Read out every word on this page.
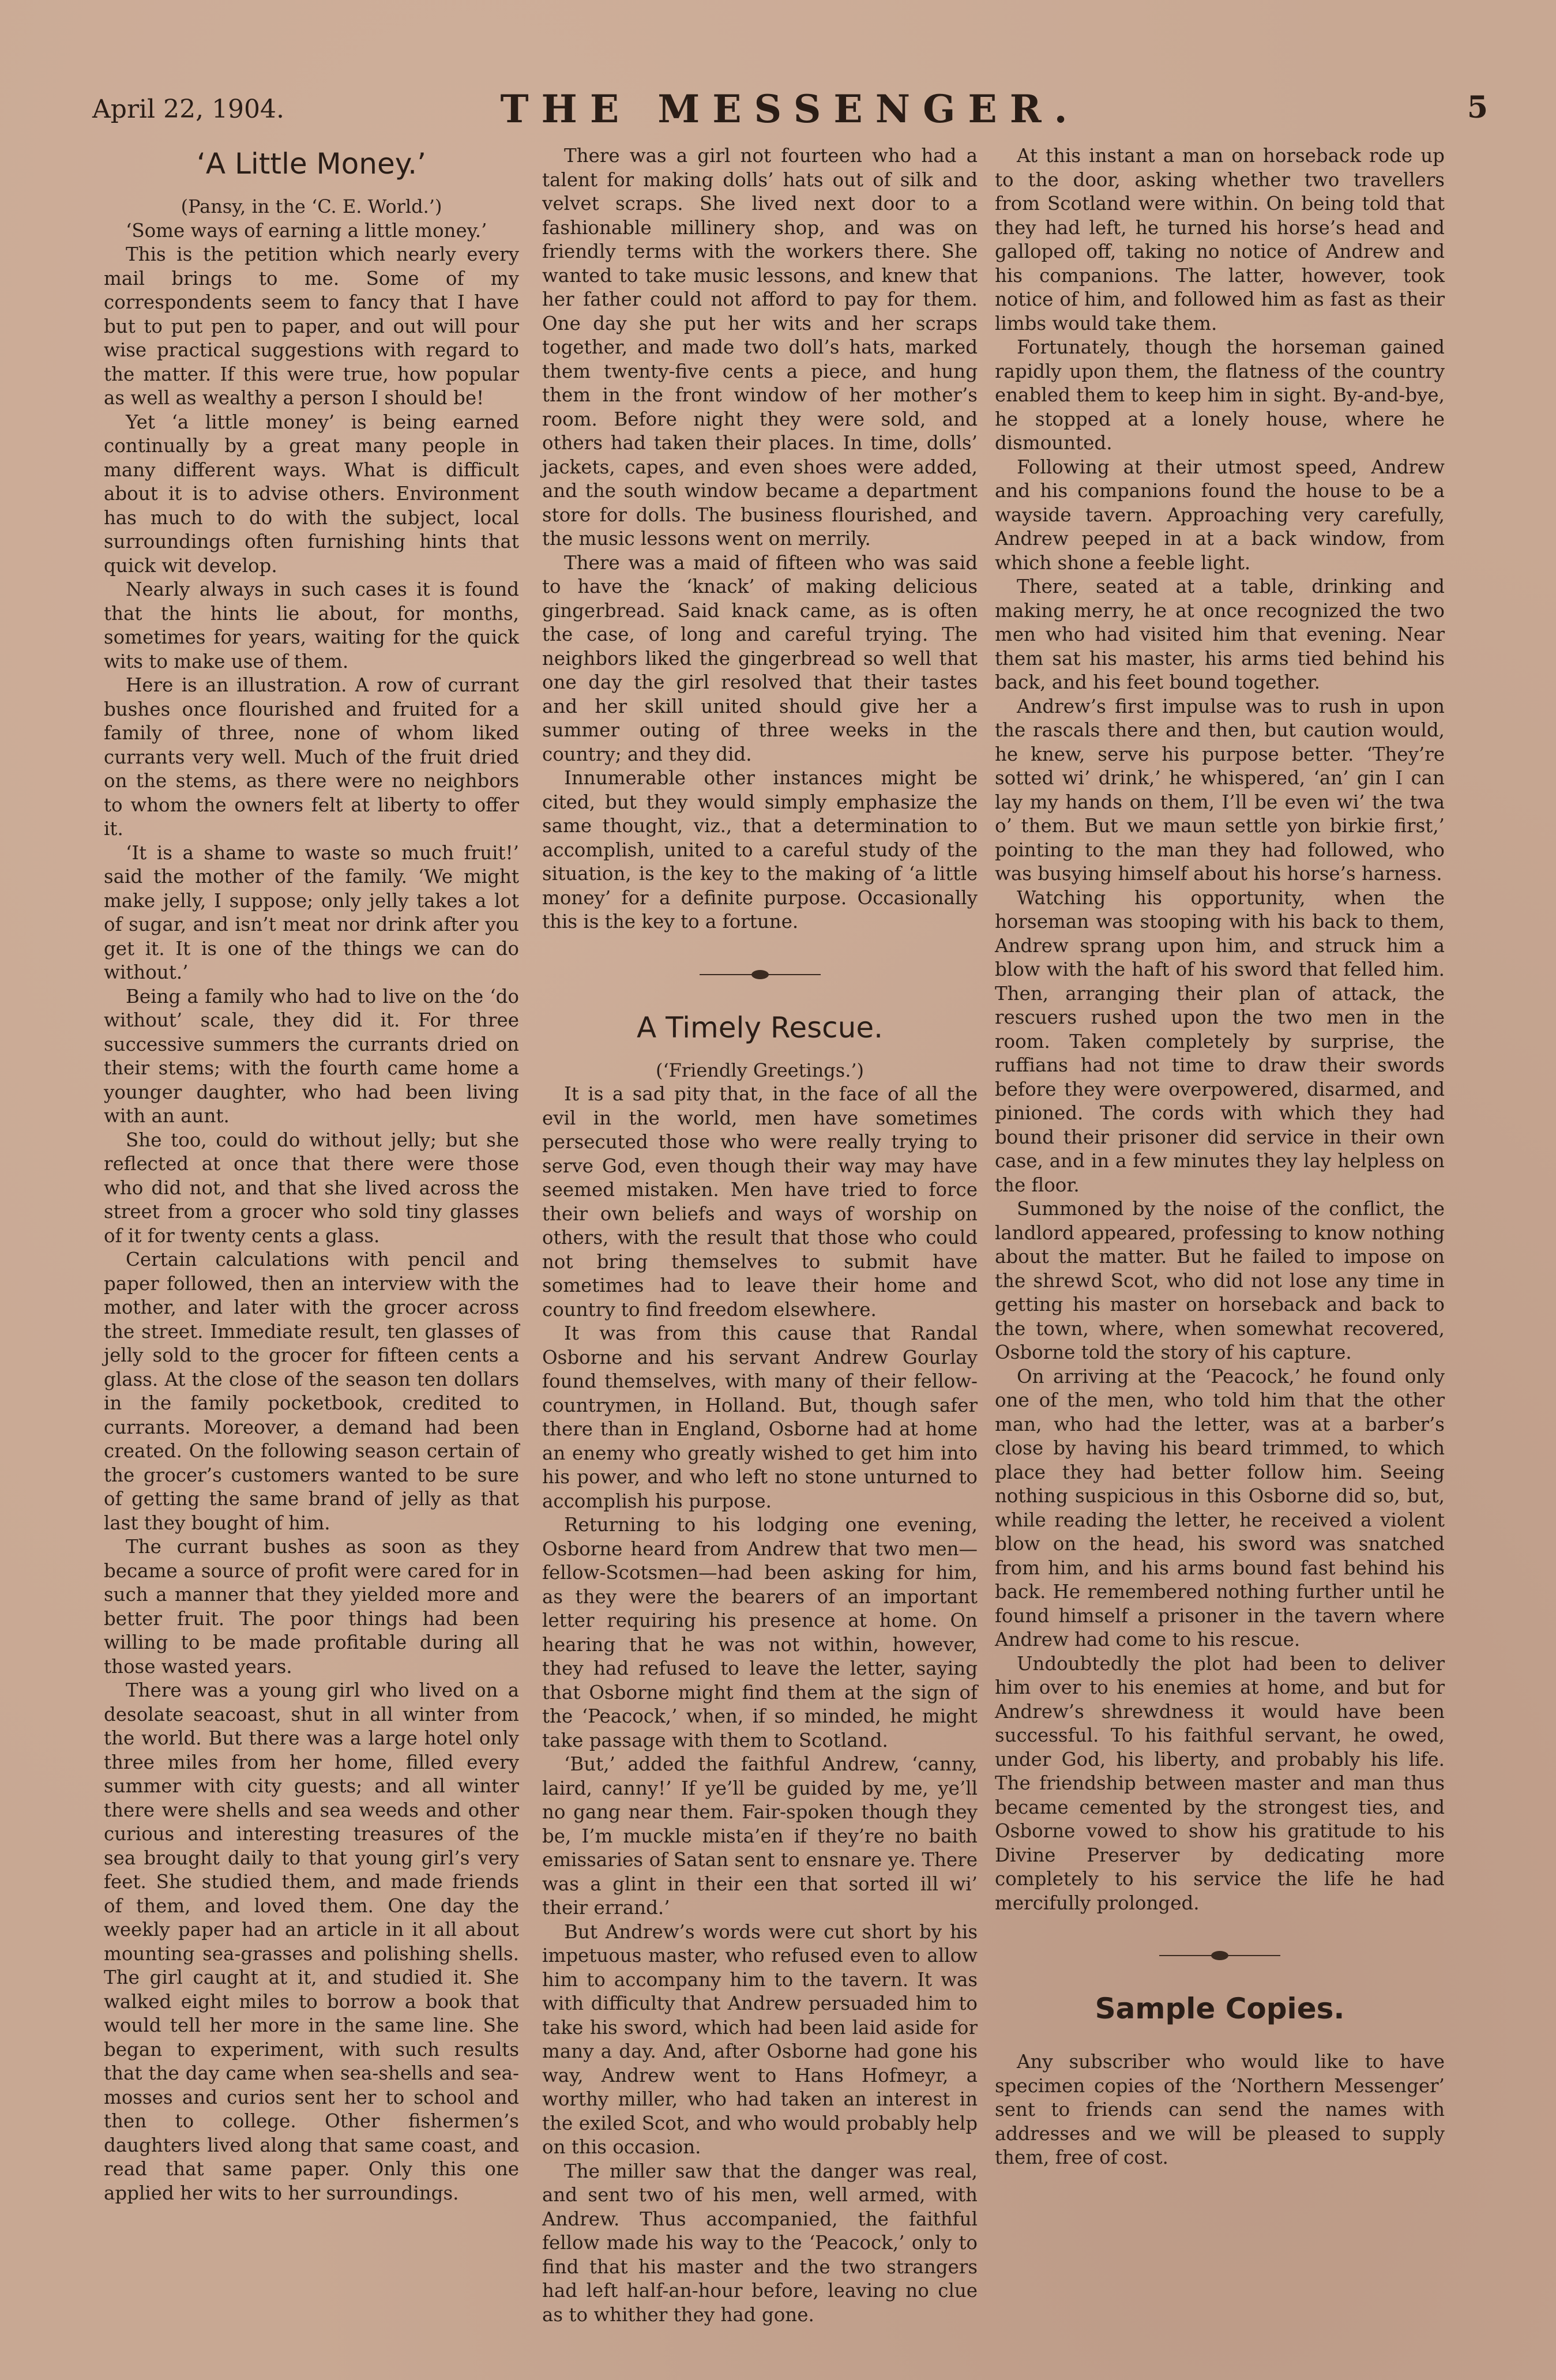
April 22, 1904.	THE MESSENGER.	5
‘A Little Money.’

(Pansy, in the ‘C. E. World.’)

‘Some ways of earning a little money.’

This is the petition which nearly every mail brings to me. Some of my correspondents seem to fancy that I have but to put pen to paper, and out will pour wise practical suggestions with regard to the matter. If this were true, how popular as well as wealthy a person I should be!

Yet ‘a little money’ is being earned continually by a great many people in many different ways. What is difficult about it is to advise others. Environment has much to do with the subject, local surroundings often furnishing hints that quick wit develop.

Nearly always in such cases it is found that the hints lie about, for months, sometimes for years, waiting for the quick wits to make use of them.

Here is an illustration. A row of currant bushes once flourished and fruited for a family of three, none of whom liked currants very well. Much of the fruit dried on the stems, as there were no neighbors to whom the owners felt at liberty to offer it.

‘It is a shame to waste so much fruit!’ said the mother of the family. ‘We might make jelly, I suppose; only jelly takes a lot of sugar, and isn’t meat nor drink after you get it. It is one of the things we can do without.’

Being a family who had to live on the ‘do without’ scale, they did it. For three successive summers the currants dried on their stems; with the fourth came home a younger daughter, who had been living with an aunt.

She too, could do without jelly; but she reflected at once that there were those who did not, and that she lived across the street from a grocer who sold tiny glasses of it for twenty cents a glass.

Certain calculations with pencil and paper followed, then an interview with the mother, and later with the grocer across the street. Immediate result, ten glasses of jelly sold to the grocer for fifteen cents a glass. At the close of the season ten dollars in the family pocketbook, credited to currants. Moreover, a demand had been created. On the following season certain of the grocer’s customers wanted to be sure of getting the same brand of jelly as that last they bought of him.

The currant bushes as soon as they became a source of profit were cared for in such a manner that they yielded more and better fruit. The poor things had been willing to be made profitable during all those wasted years.

There was a young girl who lived on a desolate seacoast, shut in all winter from the world. But there was a large hotel only three miles from her home, filled every summer with city guests; and all winter there were shells and sea weeds and other curious and interesting treasures of the sea brought daily to that young girl’s very feet. She studied them, and made friends of them, and loved them. One day the weekly paper had an article in it all about mounting sea-grasses and polishing shells. The girl caught at it, and studied it. She walked eight miles to borrow a book that would tell her more in the same line. She began to experiment, with such results that the day came when sea-shells and sea-mosses and curios sent her to school and then to college. Other fishermen’s daughters lived along that same coast, and read that same paper. Only this one applied her wits to her surroundings.

There was a girl not fourteen who had a talent for making dolls’ hats out of silk and velvet scraps. She lived next door to a fashionable millinery shop, and was on friendly terms with the workers there. She wanted to take music lessons, and knew that her father could not afford to pay for them. One day she put her wits and her scraps together, and made two doll’s hats, marked them twenty-five cents a piece, and hung them in the front window of her mother’s room. Before night they were sold, and others had taken their places. In time, dolls’ jackets, capes, and even shoes were added, and the south window became a department store for dolls. The business flourished, and the music lessons went on merrily.

There was a maid of fifteen who was said to have the ‘knack’ of making delicious gingerbread. Said knack came, as is often the case, of long and careful trying. The neighbors liked the gingerbread so well that one day the girl resolved that their tastes and her skill united should give her a summer outing of three weeks in the country; and they did.

Innumerable other instances might be cited, but they would simply emphasize the same thought, viz., that a determination to accomplish, united to a careful study of the situation, is the key to the making of ‘a little money’ for a definite purpose. Occasionally this is the key to a fortune.

A Timely Rescue.

(‘Friendly Greetings.’)

It is a sad pity that, in the face of all the evil in the world, men have sometimes persecuted those who were really trying to serve God, even though their way may have seemed mistaken. Men have tried to force their own beliefs and ways of worship on others, with the result that those who could not bring themselves to submit have sometimes had to leave their home and country to find freedom elsewhere.

It was from this cause that Randal Osborne and his servant Andrew Gourlay found themselves, with many of their fellow-countrymen, in Holland. But, though safer there than in England, Osborne had at home an enemy who greatly wished to get him into his power, and who left no stone unturned to accomplish his purpose.

Returning to his lodging one evening, Osborne heard from Andrew that two men—fellow-Scotsmen—had been asking for him, as they were the bearers of an important letter requiring his presence at home. On hearing that he was not within, however, they had refused to leave the letter, saying that Osborne might find them at the sign of the ‘Peacock,’ when, if so minded, he might take passage with them to Scotland.

‘But,’ added the faithful Andrew, ‘canny, laird, canny!’ If ye’ll be guided by me, ye’ll no gang near them. Fair-spoken though they be, I’m muckle mista’en if they’re no baith emissaries of Satan sent to ensnare ye. There was a glint in their een that sorted ill wi’ their errand.’

But Andrew’s words were cut short by his impetuous master, who refused even to allow him to accompany him to the tavern. It was with difficulty that Andrew persuaded him to take his sword, which had been laid aside for many a day. And, after Osborne had gone his way, Andrew went to Hans Hofmeyr, a worthy miller, who had taken an interest in the exiled Scot, and who would probably help on this occasion.

The miller saw that the danger was real, and sent two of his men, well armed, with Andrew. Thus accompanied, the faithful fellow made his way to the ‘Peacock,’ only to find that his master and the two strangers had left half-an-hour before, leaving no clue as to whither they had gone.

At this instant a man on horseback rode up to the door, asking whether two travellers from Scotland were within. On being told that they had left, he turned his horse’s head and galloped off, taking no notice of Andrew and his companions. The latter, however, took notice of him, and followed him as fast as their limbs would take them.

Fortunately, though the horseman gained rapidly upon them, the flatness of the country enabled them to keep him in sight. By-and-bye, he stopped at a lonely house, where he dismounted.

Following at their utmost speed, Andrew and his companions found the house to be a wayside tavern. Approaching very carefully, Andrew peeped in at a back window, from which shone a feeble light.

There, seated at a table, drinking and making merry, he at once recognized the two men who had visited him that evening. Near them sat his master, his arms tied behind his back, and his feet bound together.

Andrew’s first impulse was to rush in upon the rascals there and then, but caution would, he knew, serve his purpose better. ‘They’re sotted wi’ drink,’ he whispered, ‘an’ gin I can lay my hands on them, I’ll be even wi’ the twa o’ them. But we maun settle yon birkie first,’ pointing to the man they had followed, who was busying himself about his horse’s harness.

Watching his opportunity, when the horseman was stooping with his back to them, Andrew sprang upon him, and struck him a blow with the haft of his sword that felled him. Then, arranging their plan of attack, the rescuers rushed upon the two men in the room. Taken completely by surprise, the ruffians had not time to draw their swords before they were overpowered, disarmed, and pinioned. The cords with which they had bound their prisoner did service in their own case, and in a few minutes they lay helpless on the floor.

Summoned by the noise of the conflict, the landlord appeared, professing to know nothing about the matter. But he failed to impose on the shrewd Scot, who did not lose any time in getting his master on horseback and back to the town, where, when somewhat recovered, Osborne told the story of his capture.

On arriving at the ‘Peacock,’ he found only one of the men, who told him that the other man, who had the letter, was at a barber’s close by having his beard trimmed, to which place they had better follow him. Seeing nothing suspicious in this Osborne did so, but, while reading the letter, he received a violent blow on the head, his sword was snatched from him, and his arms bound fast behind his back. He remembered nothing further until he found himself a prisoner in the tavern where Andrew had come to his rescue.

Undoubtedly the plot had been to deliver him over to his enemies at home, and but for Andrew’s shrewdness it would have been successful. To his faithful servant, he owed, under God, his liberty, and probably his life. The friendship between master and man thus became cemented by the strongest ties, and Osborne vowed to show his gratitude to his Divine Preserver by dedicating more completely to his service the life he had mercifully prolonged.

Sample Copies.

Any subscriber who would like to have specimen copies of the ‘Northern Messenger’ sent to friends can send the names with addresses and we will be pleased to supply them, free of cost.
